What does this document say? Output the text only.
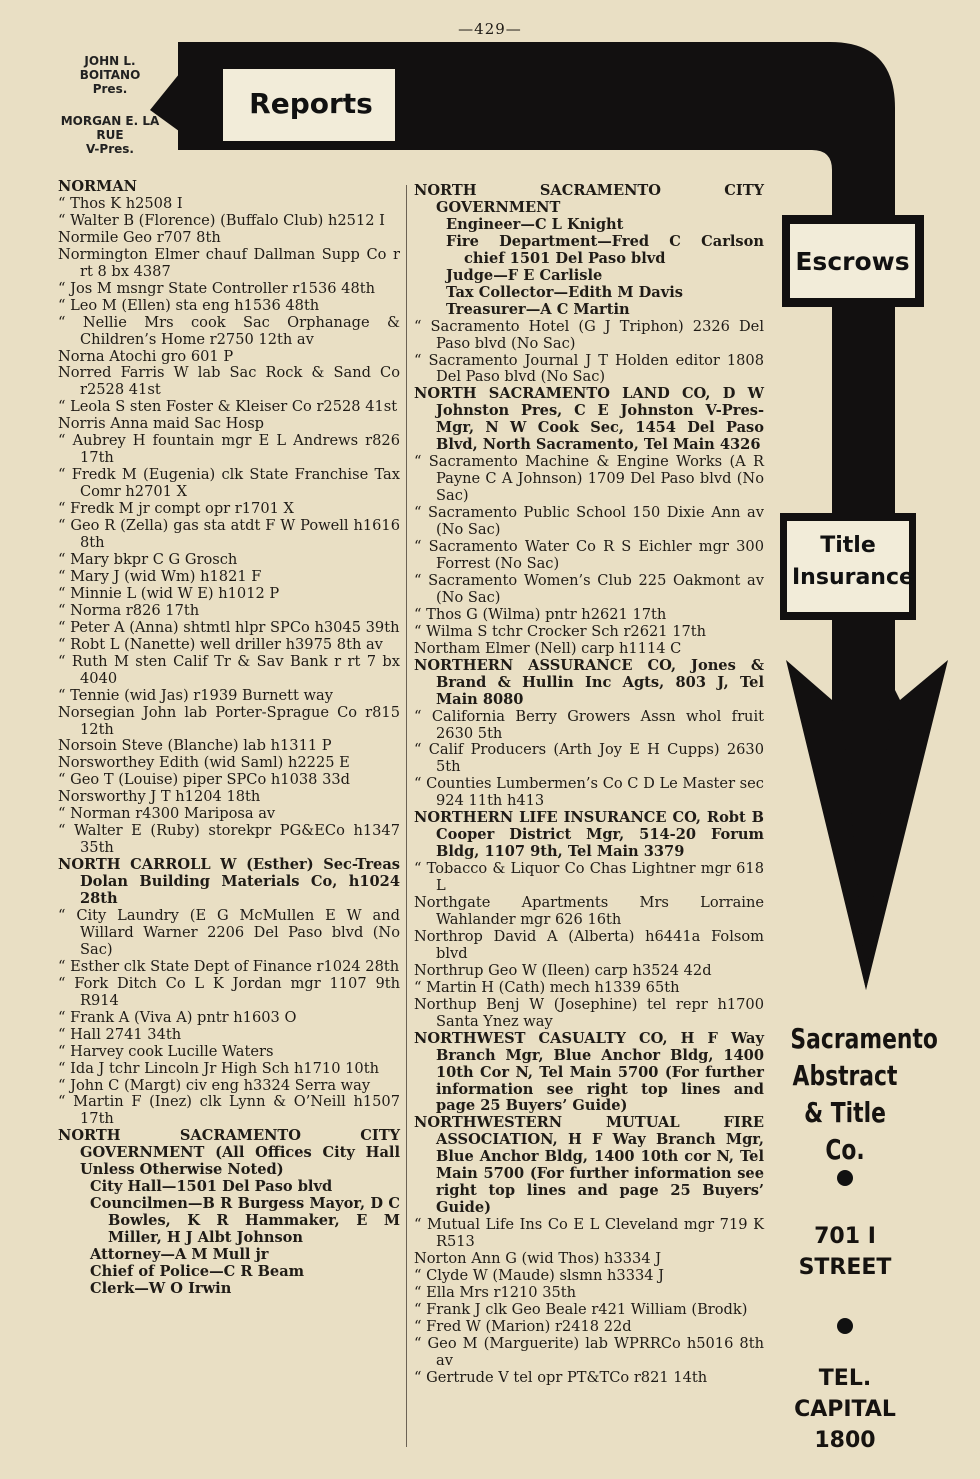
—429—
JOHN L. BOITANO
Pres.
MORGAN E. LA RUE
V-Pres.
Reports
Escrows
Title Insurance

NORMAN

“ Thos K h2508 I

“ Walter B (Florence) (Buffalo Club) h2512 I

Normile Geo r707 8th

Normington Elmer chauf Dallman Supp Co r rt 8 bx 4387

“ Jos M msngr State Controller r1536 48th

“ Leo M (Ellen) sta eng h1536 48th

“ Nellie Mrs cook Sac Orphanage & Children’s Home r2750 12th av

Norna Atochi gro 601 P

Norred Farris W lab Sac Rock & Sand Co r2528 41st

“ Leola S sten Foster & Kleiser Co r2528 41st

Norris Anna maid Sac Hosp

“ Aubrey H fountain mgr E L Andrews r826 17th

“ Fredk M (Eugenia) clk State Franchise Tax Comr h2701 X

“ Fredk M jr compt opr r1701 X

“ Geo R (Zella) gas sta atdt F W Powell h1616 8th

“ Mary bkpr C G Grosch

“ Mary J (wid Wm) h1821 F

“ Minnie L (wid W E) h1012 P

“ Norma r826 17th

“ Peter A (Anna) shtmtl hlpr SPCo h3045 39th

“ Robt L (Nanette) well driller h3975 8th av

“ Ruth M sten Calif Tr & Sav Bank r rt 7 bx 4040

“ Tennie (wid Jas) r1939 Burnett way

Norsegian John lab Porter-Sprague Co r815 12th

Norsoin Steve (Blanche) lab h1311 P

Norsworthey Edith (wid Saml) h2225 E

“ Geo T (Louise) piper SPCo h1038 33d

Norsworthy J T h1204 18th

“ Norman r4300 Mariposa av

“ Walter E (Ruby) storekpr PG&ECo h1347 35th

NORTH CARROLL W (Esther) Sec-Treas Dolan Building Materials Co, h1024 28th

“ City Laundry (E G McMullen E W and Willard Warner 2206 Del Paso blvd (No Sac)

“ Esther clk State Dept of Finance r1024 28th

“ Fork Ditch Co L K Jordan mgr 1107 9th R914

“ Frank A (Viva A) pntr h1603 O

“ Hall 2741 34th

“ Harvey cook Lucille Waters

“ Ida J tchr Lincoln Jr High Sch h1710 10th

“ John C (Margt) civ eng h3324 Serra way

“ Martin F (Inez) clk Lynn & O’Neill h1507 17th

NORTH SACRAMENTO CITY GOVERNMENT (All Offices City Hall Unless Otherwise Noted)

City Hall—1501 Del Paso blvd

Councilmen—B R Burgess Mayor, D C Bowles, K R Hammaker, E M Miller, H J Albt Johnson

Attorney—A M Mull jr

Chief of Police—C R Beam

Clerk—W O Irwin

NORTH SACRAMENTO CITY GOVERNMENT

Engineer—C L Knight

Fire Department—Fred C Carlson chief 1501 Del Paso blvd

Judge—F E Carlisle

Tax Collector—Edith M Davis

Treasurer—A C Martin

“ Sacramento Hotel (G J Triphon) 2326 Del Paso blvd (No Sac)

“ Sacramento Journal J T Holden editor 1808 Del Paso blvd (No Sac)

NORTH SACRAMENTO LAND CO, D W Johnston Pres, C E Johnston V-Pres-Mgr, N W Cook Sec, 1454 Del Paso Blvd, North Sacramento, Tel Main 4326

“ Sacramento Machine & Engine Works (A R Payne C A Johnson) 1709 Del Paso blvd (No Sac)

“ Sacramento Public School 150 Dixie Ann av (No Sac)

“ Sacramento Water Co R S Eichler mgr 300 Forrest (No Sac)

“ Sacramento Women’s Club 225 Oakmont av (No Sac)

“ Thos G (Wilma) pntr h2621 17th

“ Wilma S tchr Crocker Sch r2621 17th

Northam Elmer (Nell) carp h1114 C

NORTHERN ASSURANCE CO, Jones & Brand & Hullin Inc Agts, 803 J, Tel Main 8080

“ California Berry Growers Assn whol fruit 2630 5th

“ Calif Producers (Arth Joy E H Cupps) 2630 5th

“ Counties Lumbermen’s Co C D Le Master sec 924 11th h413

NORTHERN LIFE INSURANCE CO, Robt B Cooper District Mgr, 514-20 Forum Bldg, 1107 9th, Tel Main 3379

“ Tobacco & Liquor Co Chas Lightner mgr 618 L

Northgate Apartments Mrs Lorraine Wahlander mgr 626 16th

Northrop David A (Alberta) h6441a Folsom blvd

Northrup Geo W (Ileen) carp h3524 42d

“ Martin H (Cath) mech h1339 65th

Northup Benj W (Josephine) tel repr h1700 Santa Ynez way

NORTHWEST CASUALTY CO, H F Way Branch Mgr, Blue Anchor Bldg, 1400 10th Cor N, Tel Main 5700 (For further information see right top lines and page 25 Buyers’ Guide)

NORTHWESTERN MUTUAL FIRE ASSOCIATION, H F Way Branch Mgr, Blue Anchor Bldg, 1400 10th cor N, Tel Main 5700 (For further information see right top lines and page 25 Buyers’ Guide)

“ Mutual Life Ins Co E L Cleveland mgr 719 K R513

Norton Ann G (wid Thos) h3334 J

“ Clyde W (Maude) slsmn h3334 J

“ Ella Mrs r1210 35th

“ Frank J clk Geo Beale r421 William (Brodk)

“ Fred W (Marion) r2418 22d

“ Geo M (Marguerite) lab WPRRCo h5016 8th av

“ Gertrude V tel opr PT&TCo r821 14th

Sacramento Abstract & Title Co.
701 I STREET
TEL. CAPITAL 1800
